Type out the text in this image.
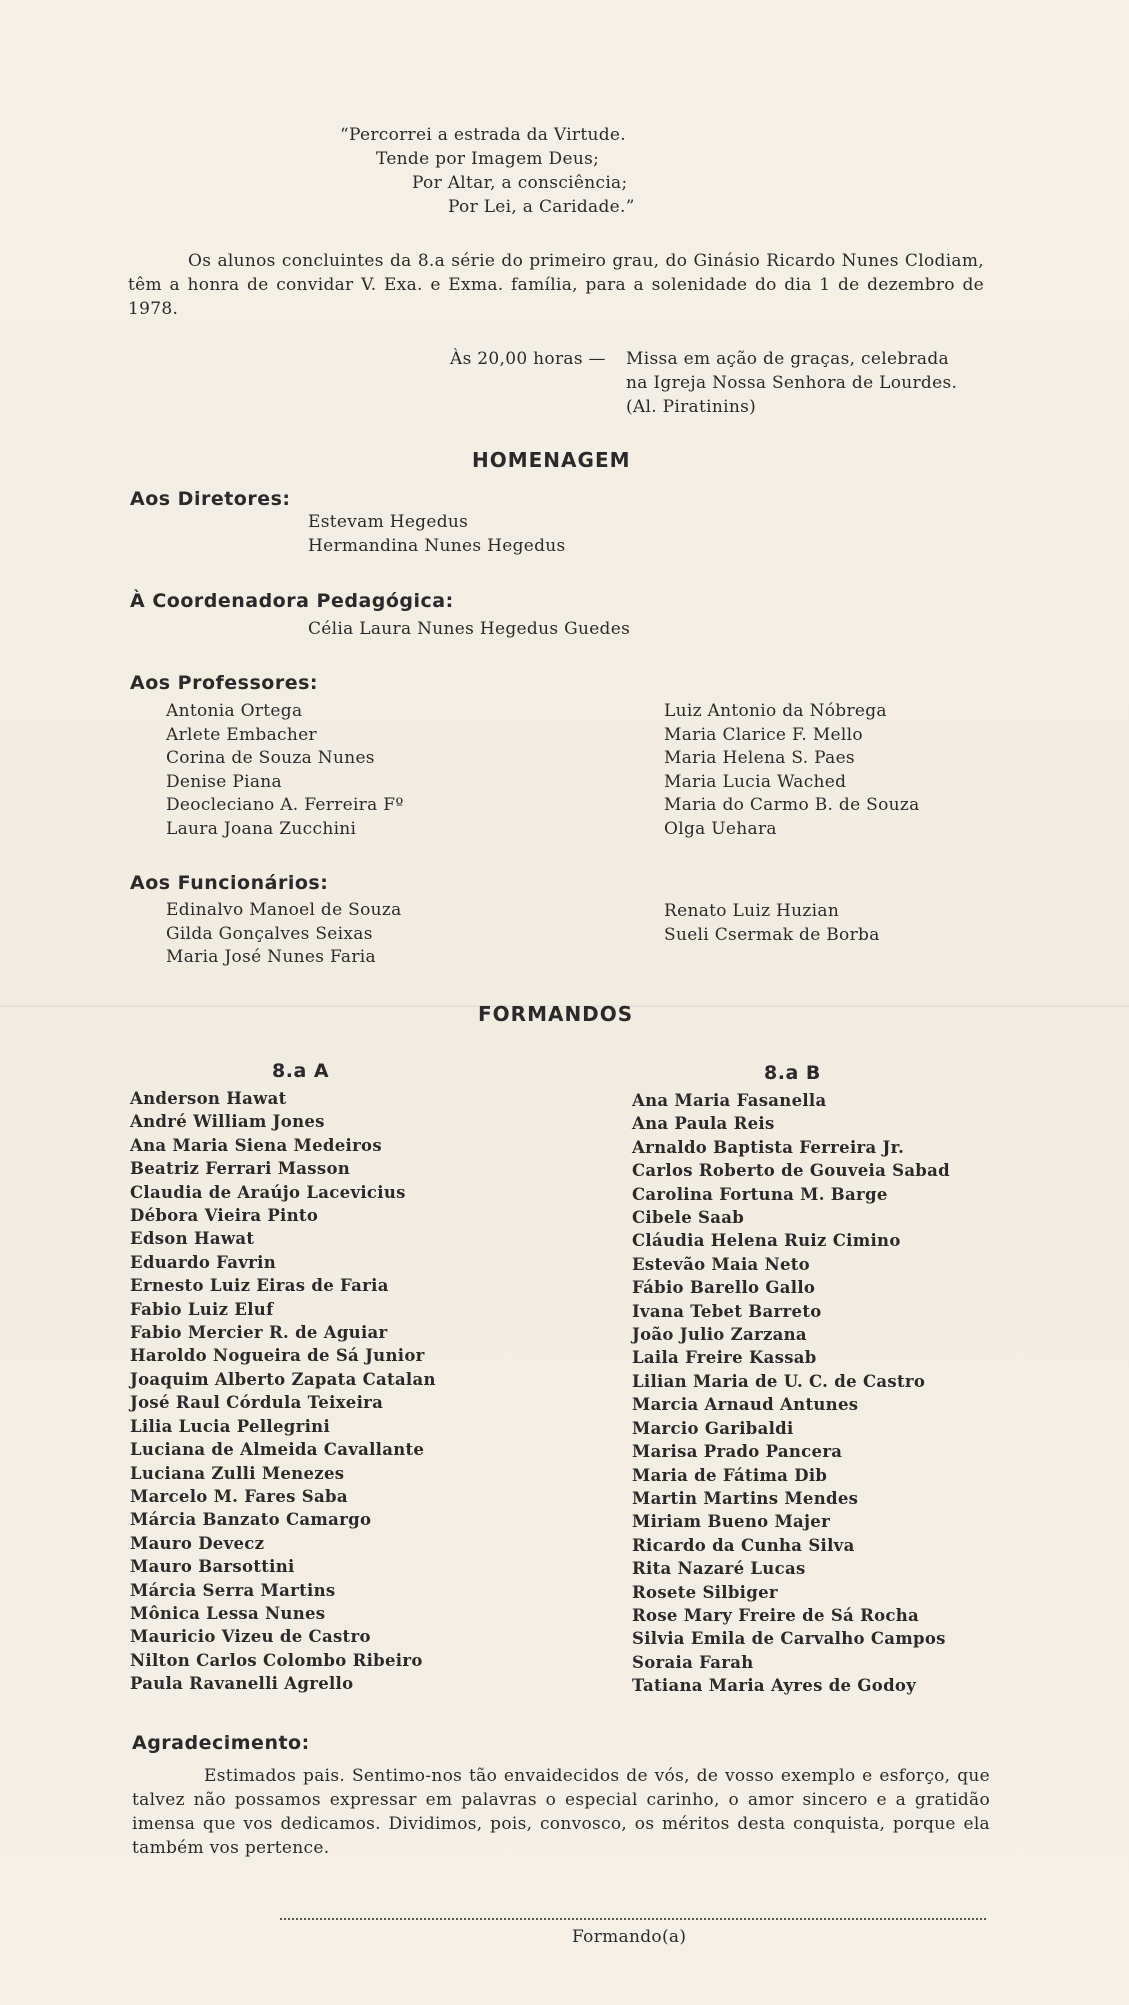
“Percorrei a estrada da Virtude.
Tende por Imagem Deus;
Por Altar, a consciência;
Por Lei, a Caridade.”
Os alunos concluintes da 8.a série do primeiro grau, do Ginásio Ricardo Nunes Clodiam, têm a honra de convidar V. Exa. e Exma. família, para a solenidade do dia 1 de dezembro de 1978.
Às 20,00 horas — Missa em ação de graças, celebrada
na Igreja Nossa Senhora de Lourdes.
(Al. Piratinins)
HOMENAGEM
Aos Diretores:
Estevam Hegedus
Hermandina Nunes Hegedus
À Coordenadora Pedagógica:
Célia Laura Nunes Hegedus Guedes
Aos Professores:
Antonia Ortega
Arlete Embacher
Corina de Souza Nunes
Denise Piana
Deocleciano A. Ferreira Fº
Laura Joana Zucchini
Luiz Antonio da Nóbrega
Maria Clarice F. Mello
Maria Helena S. Paes
Maria Lucia Wached
Maria do Carmo B. de Souza
Olga Uehara
Aos Funcionários:
Edinalvo Manoel de Souza
Gilda Gonçalves Seixas
Maria José Nunes Faria
Renato Luiz Huzian
Sueli Csermak de Borba
FORMANDOS
8.a A
Anderson Hawat
André William Jones
Ana Maria Siena Medeiros
Beatriz Ferrari Masson
Claudia de Araújo Lacevicius
Débora Vieira Pinto
Edson Hawat
Eduardo Favrin
Ernesto Luiz Eiras de Faria
Fabio Luiz Eluf
Fabio Mercier R. de Aguiar
Haroldo Nogueira de Sá Junior
Joaquim Alberto Zapata Catalan
José Raul Córdula Teixeira
Lilia Lucia Pellegrini
Luciana de Almeida Cavallante
Luciana Zulli Menezes
Marcelo M. Fares Saba
Márcia Banzato Camargo
Mauro Devecz
Mauro Barsottini
Márcia Serra Martins
Mônica Lessa Nunes
Mauricio Vizeu de Castro
Nilton Carlos Colombo Ribeiro
Paula Ravanelli Agrello
8.a B
Ana Maria Fasanella
Ana Paula Reis
Arnaldo Baptista Ferreira Jr.
Carlos Roberto de Gouveia Sabad
Carolina Fortuna M. Barge
Cibele Saab
Cláudia Helena Ruiz Cimino
Estevão Maia Neto
Fábio Barello Gallo
Ivana Tebet Barreto
João Julio Zarzana
Laila Freire Kassab
Lilian Maria de U. C. de Castro
Marcia Arnaud Antunes
Marcio Garibaldi
Marisa Prado Pancera
Maria de Fátima Dib
Martin Martins Mendes
Miriam Bueno Majer
Ricardo da Cunha Silva
Rita Nazaré Lucas
Rosete Silbiger
Rose Mary Freire de Sá Rocha
Silvia Emila de Carvalho Campos
Soraia Farah
Tatiana Maria Ayres de Godoy
Agradecimento:
Estimados pais. Sentimo-nos tão envaidecidos de vós, de vosso exemplo e esforço, que talvez não possamos expressar em palavras o especial carinho, o amor sincero e a gratidão imensa que vos dedicamos. Dividimos, pois, convosco, os méritos desta conquista, porque ela também vos pertence.
Formando(a)
